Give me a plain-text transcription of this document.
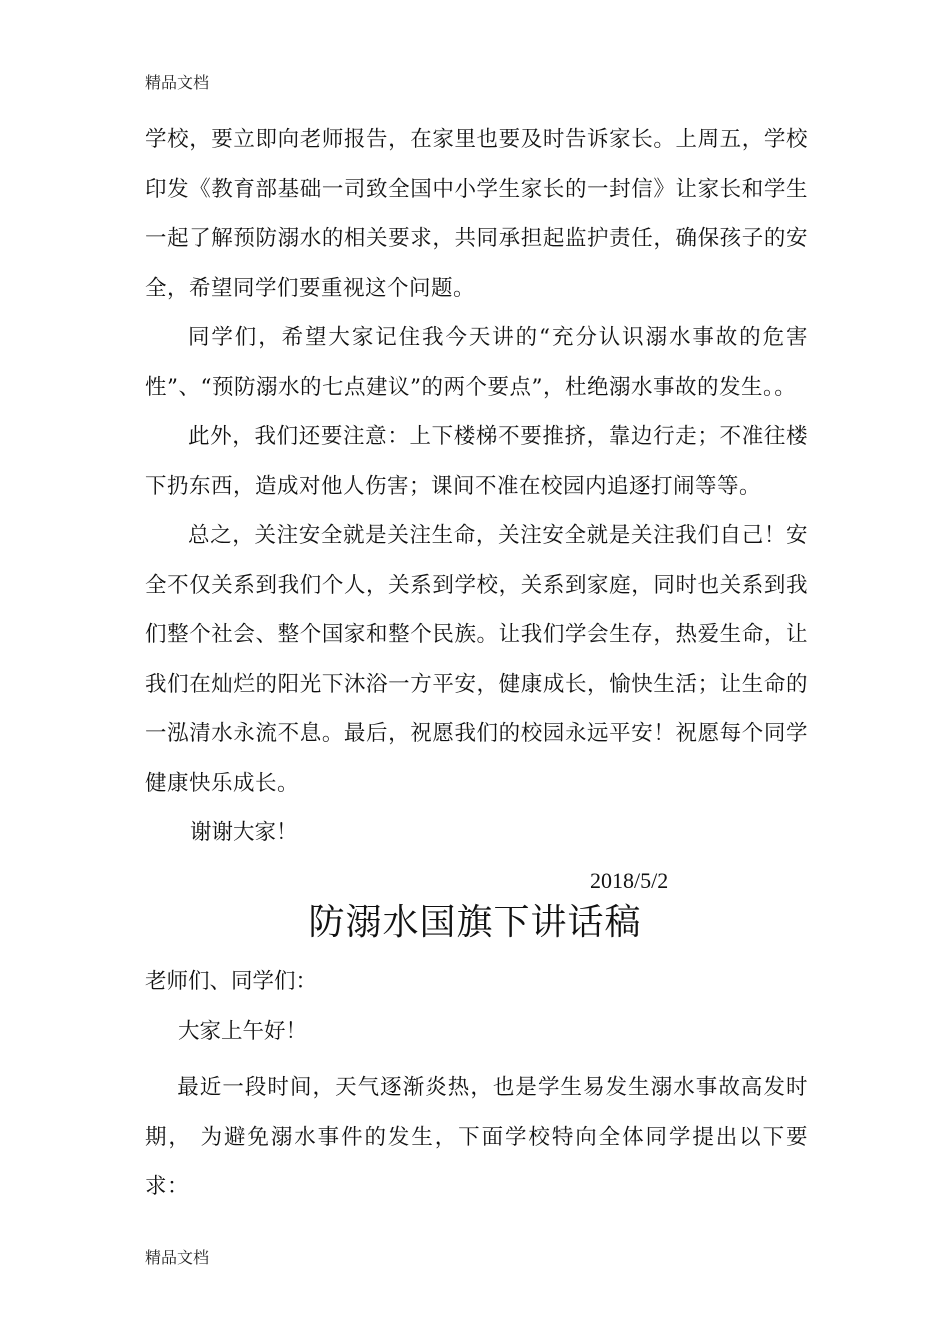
精品文档

学校，要立即向老师报告，在家里也要及时告诉家长。上周五，学校印发《教育部基础一司致全国中小学生家长的一封信》让家长和学生一起了解预防溺水的相关要求，共同承担起监护责任，确保孩子的安全，希望同学们要重视这个问题。

同学们，希望大家记住我今天讲的“充分认识溺水事故的危害性”、“预防溺水的七点建议”的两个要点”，杜绝溺水事故的发生。。

此外，我们还要注意：上下楼梯不要推挤，靠边行走；不准往楼下扔东西，造成对他人伤害；课间不准在校园内追逐打闹等等。

总之，关注安全就是关注生命，关注安全就是关注我们自己！安全不仅关系到我们个人，关系到学校，关系到家庭，同时也关系到我们整个社会、整个国家和整个民族。让我们学会生存，热爱生命，让我们在灿烂的阳光下沐浴一方平安，健康成长，愉快生活；让生命的一泓清水永流不息。最后，祝愿我们的校园永远平安！祝愿每个同学健康快乐成长。

谢谢大家！
2018/5/2
防溺水国旗下讲话稿
老师们、同学们：
大家上午好！

最近一段时间，天气逐渐炎热，也是学生易发生溺水事故高发时期， 为避免溺水事件的发生，下面学校特向全体同学提出以下要求：

精品文档
